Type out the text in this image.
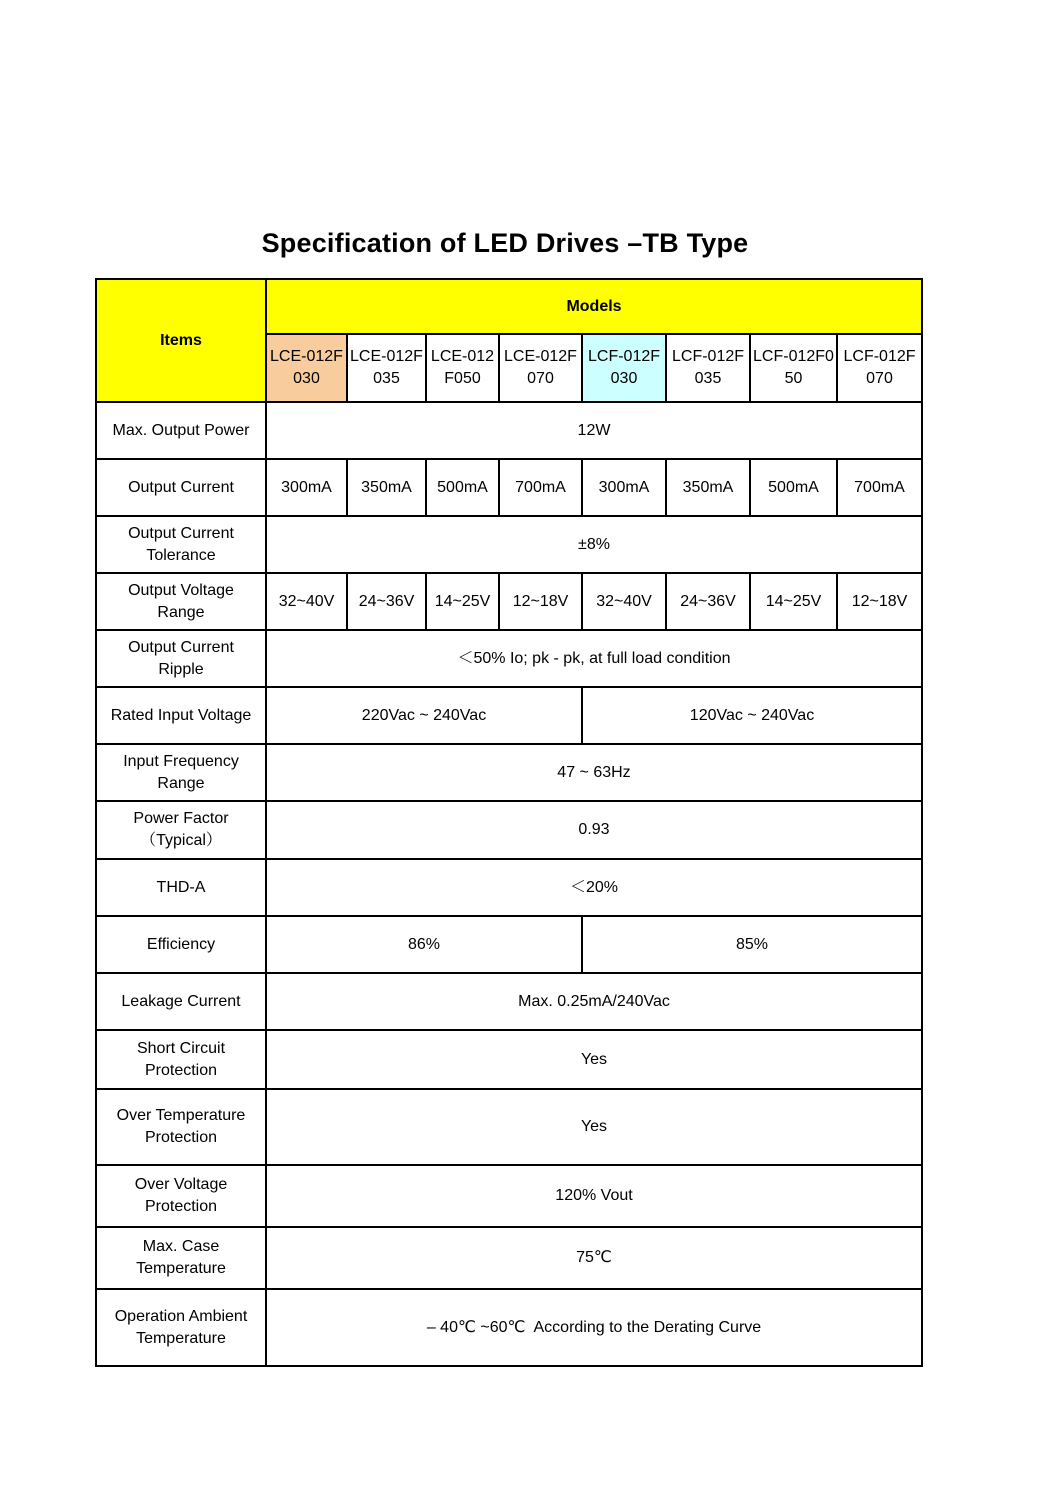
Specification of LED Drives –TB Type
Items	Models							
	LCE-012F030	LCE-012F035	LCE-012F050	LCE-012F070	LCF-012F030	LCF-012F035	LCF-012F050	LCF-012F070
Max. Output Power	12W							
Output Current	300mA	350mA	500mA	700mA	300mA	350mA	500mA	700mA

Output Current
Tolerance	±8%							

Output Voltage
Range	32~40V	24~36V	14~25V	12~18V	32~40V	24~36V	14~25V	12~18V

Output Current
Ripple	＜50% Io; pk - pk, at full load condition							
Rated Input Voltage	220Vac ~ 240Vac				120Vac ~ 240Vac			

Input Frequency
Range	47 ~ 63Hz							

Power Factor
（Typical）	0.93							
THD-A	＜20%							
Efficiency	86%				85%			
Leakage Current	Max. 0.25mA/240Vac							

Short Circuit
Protection	Yes							

Over Temperature
Protection	Yes							

Over Voltage
Protection	120% Vout							

Max. Case
Temperature	75℃							

Operation Ambient
Temperature	– 40℃ ~60℃  According to the Derating Curve							
